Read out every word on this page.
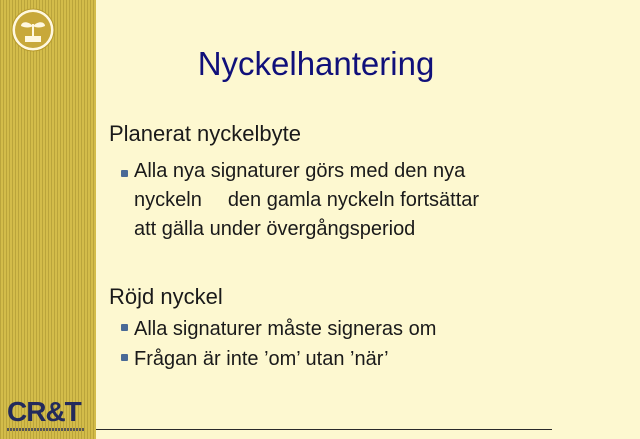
Nyckelhantering
Planerat nyckelbyte
Alla nya signaturer görs med den nya
nyckeln den gamla nyckeln fortsättar
att gälla under övergångsperiod
Röjd nyckel
Alla signaturer måste signeras om
Frågan är inte ’om’ utan ’när’
CR&T
